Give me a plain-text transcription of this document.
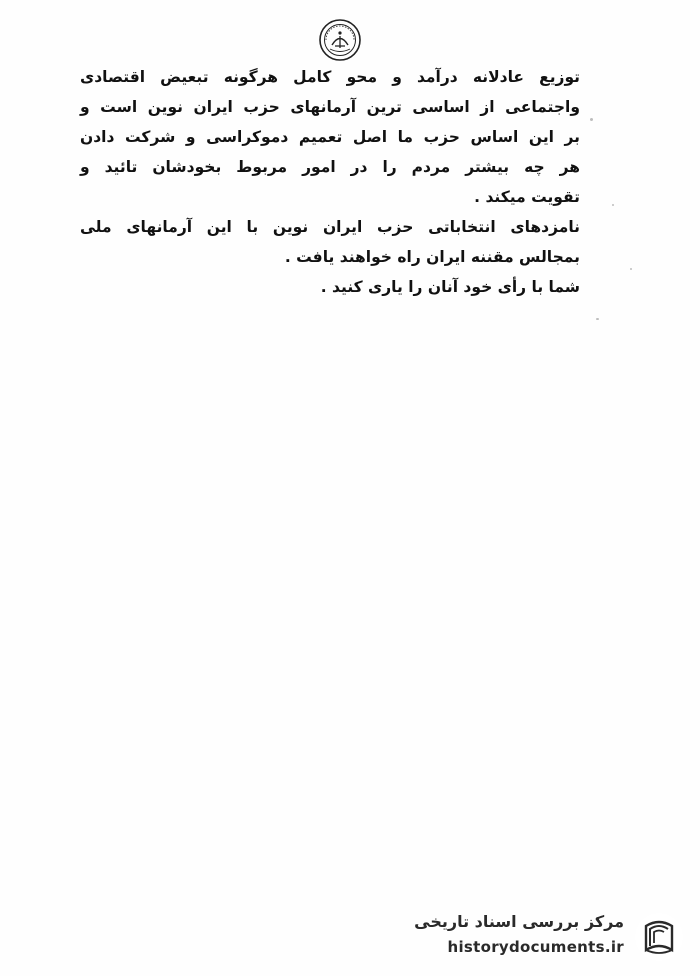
توزیع عادلانه درآمد و محو کامل هرگونه تبعیض اقتصادی
واجتماعی از اساسی ترین آرمانهای حزب ایران نوین است و
بر این اساس حزب ما اصل تعمیم دموکراسی و شرکت دادن
هر چه بیشتر مردم را در امور مربوط بخودشان تائید و
تقویت میکند .
نامزدهای انتخاباتی حزب ایران نوین با این آرمانهای ملی
بمجالس مقننه ایران راه خواهند یافت .
شما با رأی خود آنان را یاری کنید .
مرکز بررسی اسناد تاریخی
historydocuments.ir
